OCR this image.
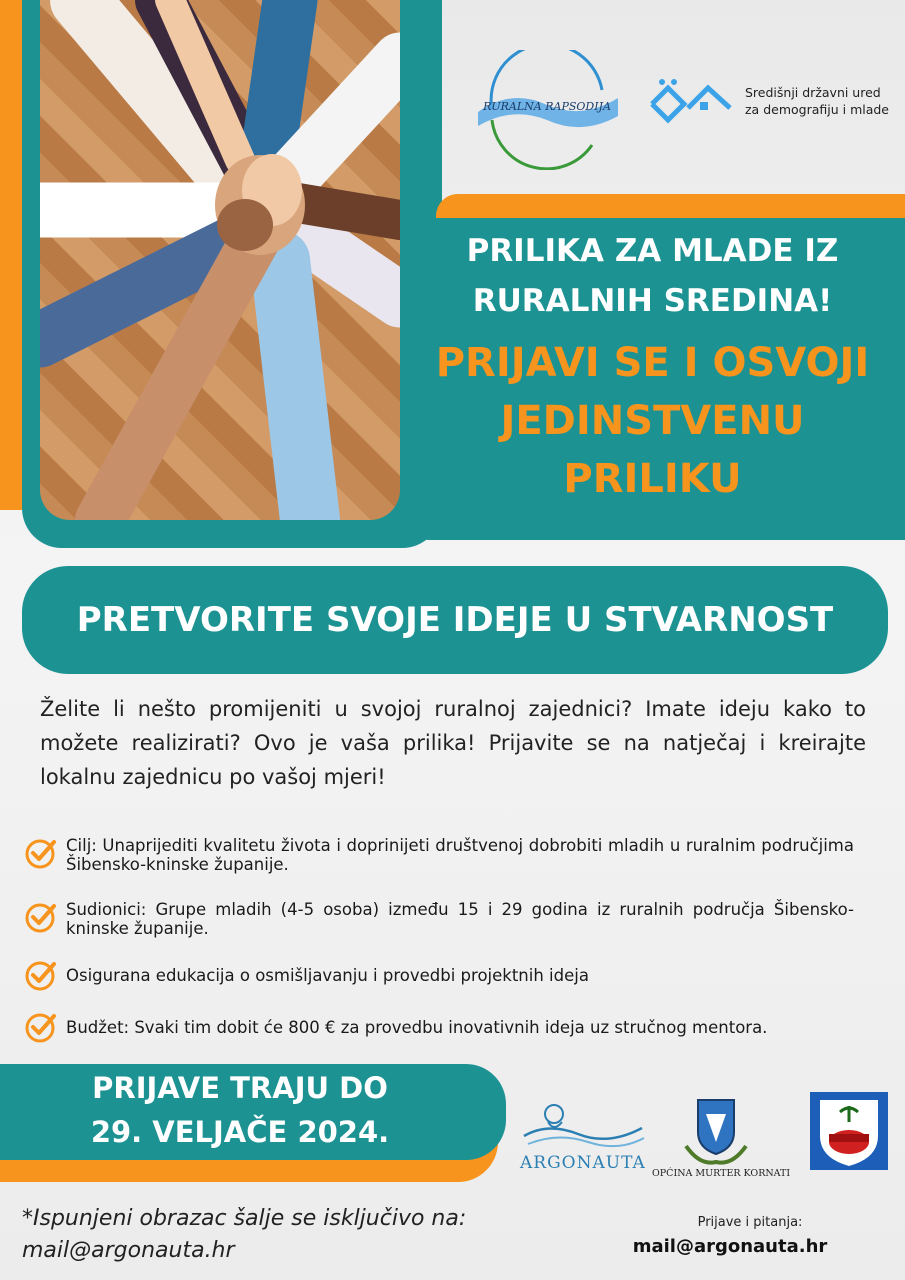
RURALNA RAPSODIJA
Središnji državni ured
za demografiju i mlade
PRILIKA ZA MLADE IZ
RURALNIH SREDINA!
PRIJAVI SE I OSVOJI
JEDINSTVENU
PRILIKU
PRETVORITE SVOJE IDEJE U STVARNOST
Želite li nešto promijeniti u svojoj ruralnoj zajednici? Imate ideju kako to možete realizirati? Ovo je vaša prilika! Prijavite se na natječaj i kreirajte lokalnu zajednicu po vašoj mjeri!
Cilj: Unaprijediti kvalitetu života i doprinijeti društvenoj dobrobiti mladih u ruralnim područjima Šibensko-kninske županije.
Sudionici: Grupe mladih (4-5 osoba) između 15 i 29 godina iz ruralnih područja Šibensko-kninske županije.
Osigurana edukacija o osmišljavanju i provedbi projektnih ideja
Budžet: Svaki tim dobit će 800 € za provedbu inovativnih ideja uz stručnog mentora.
PRIJAVE TRAJU DO
29. VELJAČE 2024.
ARGONAUTA
OPĆINA MURTER KORNATI
*Ispunjeni obrazac šalje se isključivo na:
mail@argonauta.hr
Prijave i pitanja:
mail@argonauta.hr
